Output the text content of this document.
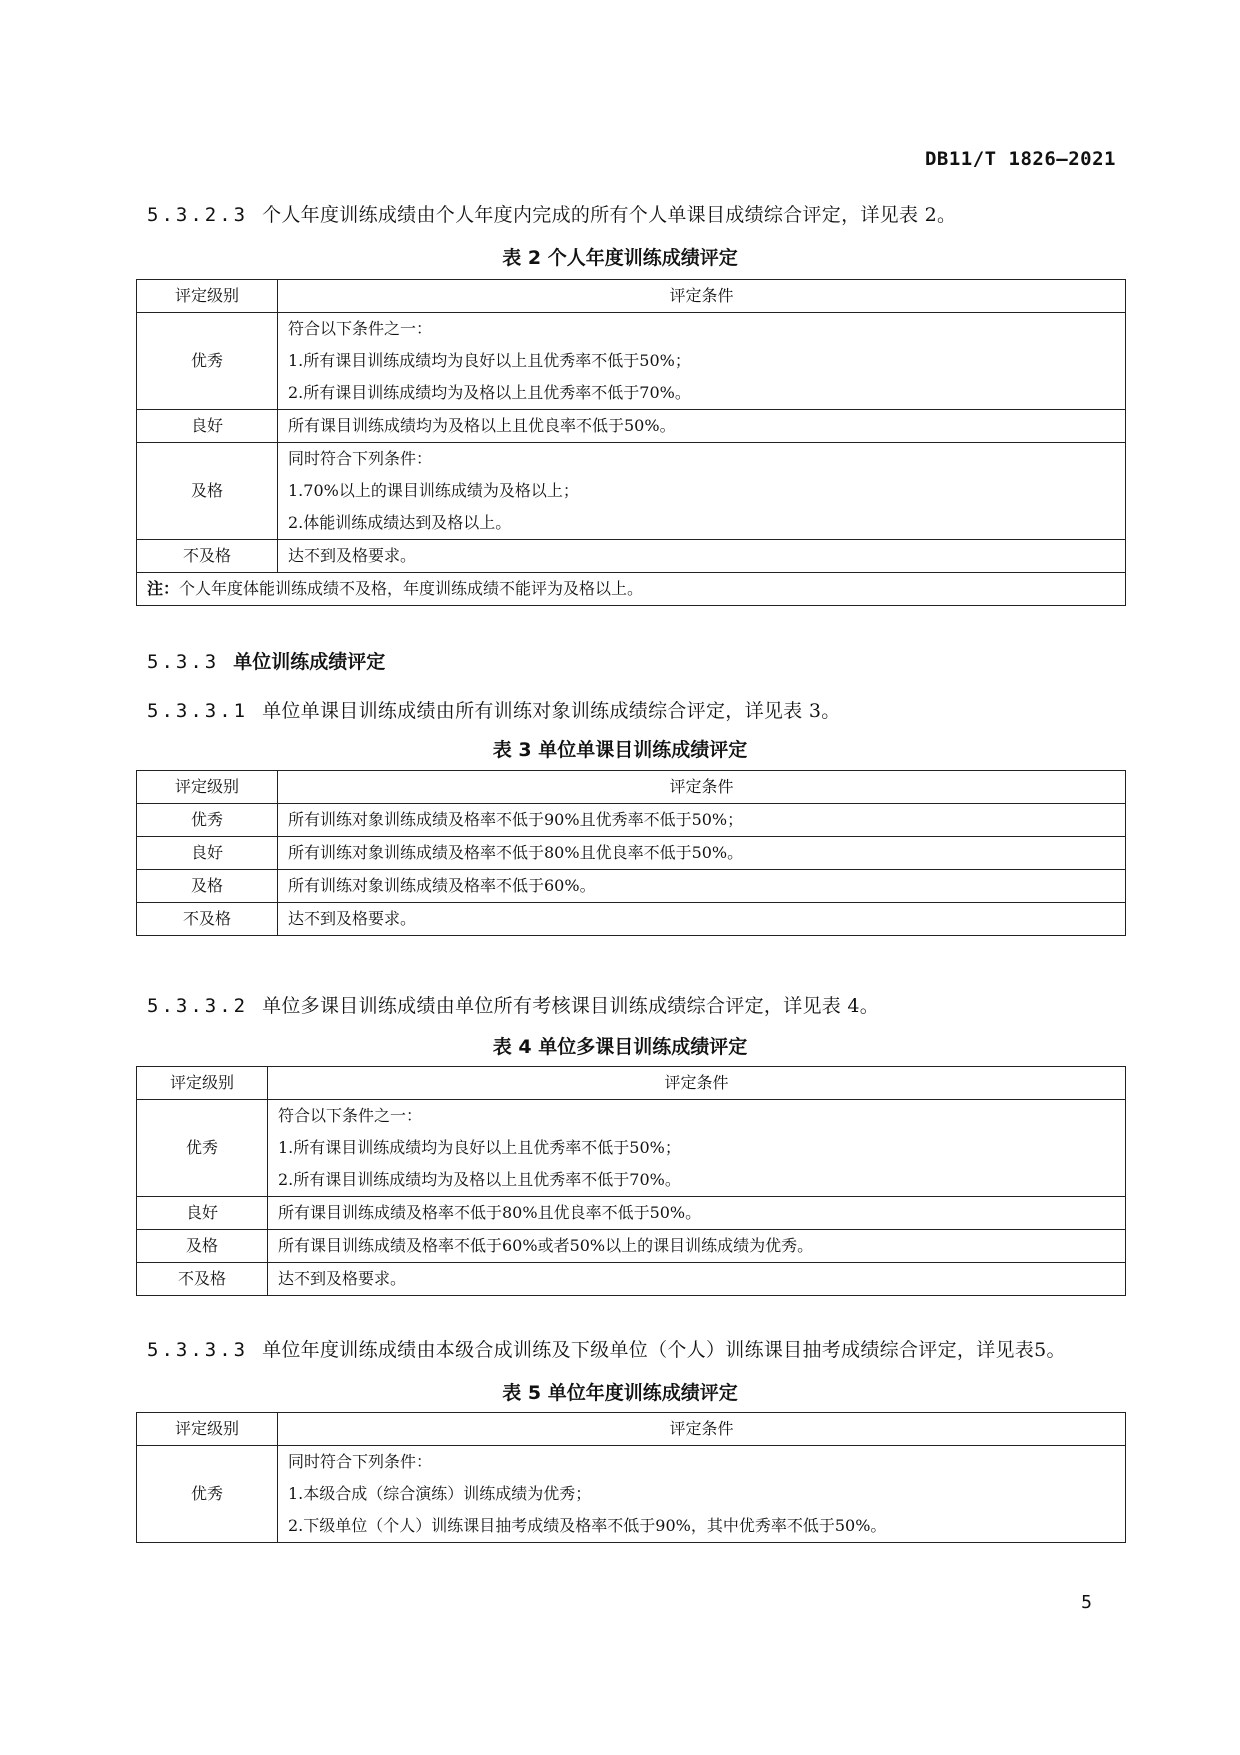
DB11/T 1826—2021
5.3.2.3 个人年度训练成绩由个人年度内完成的所有个人单课目成绩综合评定，详见表 2。
表 2 个人年度训练成绩评定
评定级别	评定条件
优秀	符合以下条件之一：
1.所有课目训练成绩均为良好以上且优秀率不低于50%；
2.所有课目训练成绩均为及格以上且优秀率不低于70%。

良好	所有课目训练成绩均为及格以上且优良率不低于50%。
及格	同时符合下列条件：
1.70%以上的课目训练成绩为及格以上；
2.体能训练成绩达到及格以上。

不及格	达不到及格要求。
注：个人年度体能训练成绩不及格，年度训练成绩不能评为及格以上。	
5.3.3 单位训练成绩评定
5.3.3.1 单位单课目训练成绩由所有训练对象训练成绩综合评定，详见表 3。
表 3 单位单课目训练成绩评定
评定级别	评定条件
优秀	所有训练对象训练成绩及格率不低于90%且优秀率不低于50%；
良好	所有训练对象训练成绩及格率不低于80%且优良率不低于50%。
及格	所有训练对象训练成绩及格率不低于60%。
不及格	达不到及格要求。
5.3.3.2 单位多课目训练成绩由单位所有考核课目训练成绩综合评定，详见表 4。
表 4 单位多课目训练成绩评定
评定级别	评定条件
优秀	符合以下条件之一：
1.所有课目训练成绩均为良好以上且优秀率不低于50%；
2.所有课目训练成绩均为及格以上且优秀率不低于70%。

良好	所有课目训练成绩及格率不低于80%且优良率不低于50%。
及格	所有课目训练成绩及格率不低于60%或者50%以上的课目训练成绩为优秀。
不及格	达不到及格要求。
5.3.3.3 单位年度训练成绩由本级合成训练及下级单位（个人）训练课目抽考成绩综合评定，详见表5。
表 5 单位年度训练成绩评定
评定级别	评定条件
优秀	同时符合下列条件：
1.本级合成（综合演练）训练成绩为优秀；
2.下级单位（个人）训练课目抽考成绩及格率不低于90%，其中优秀率不低于50%。
5
